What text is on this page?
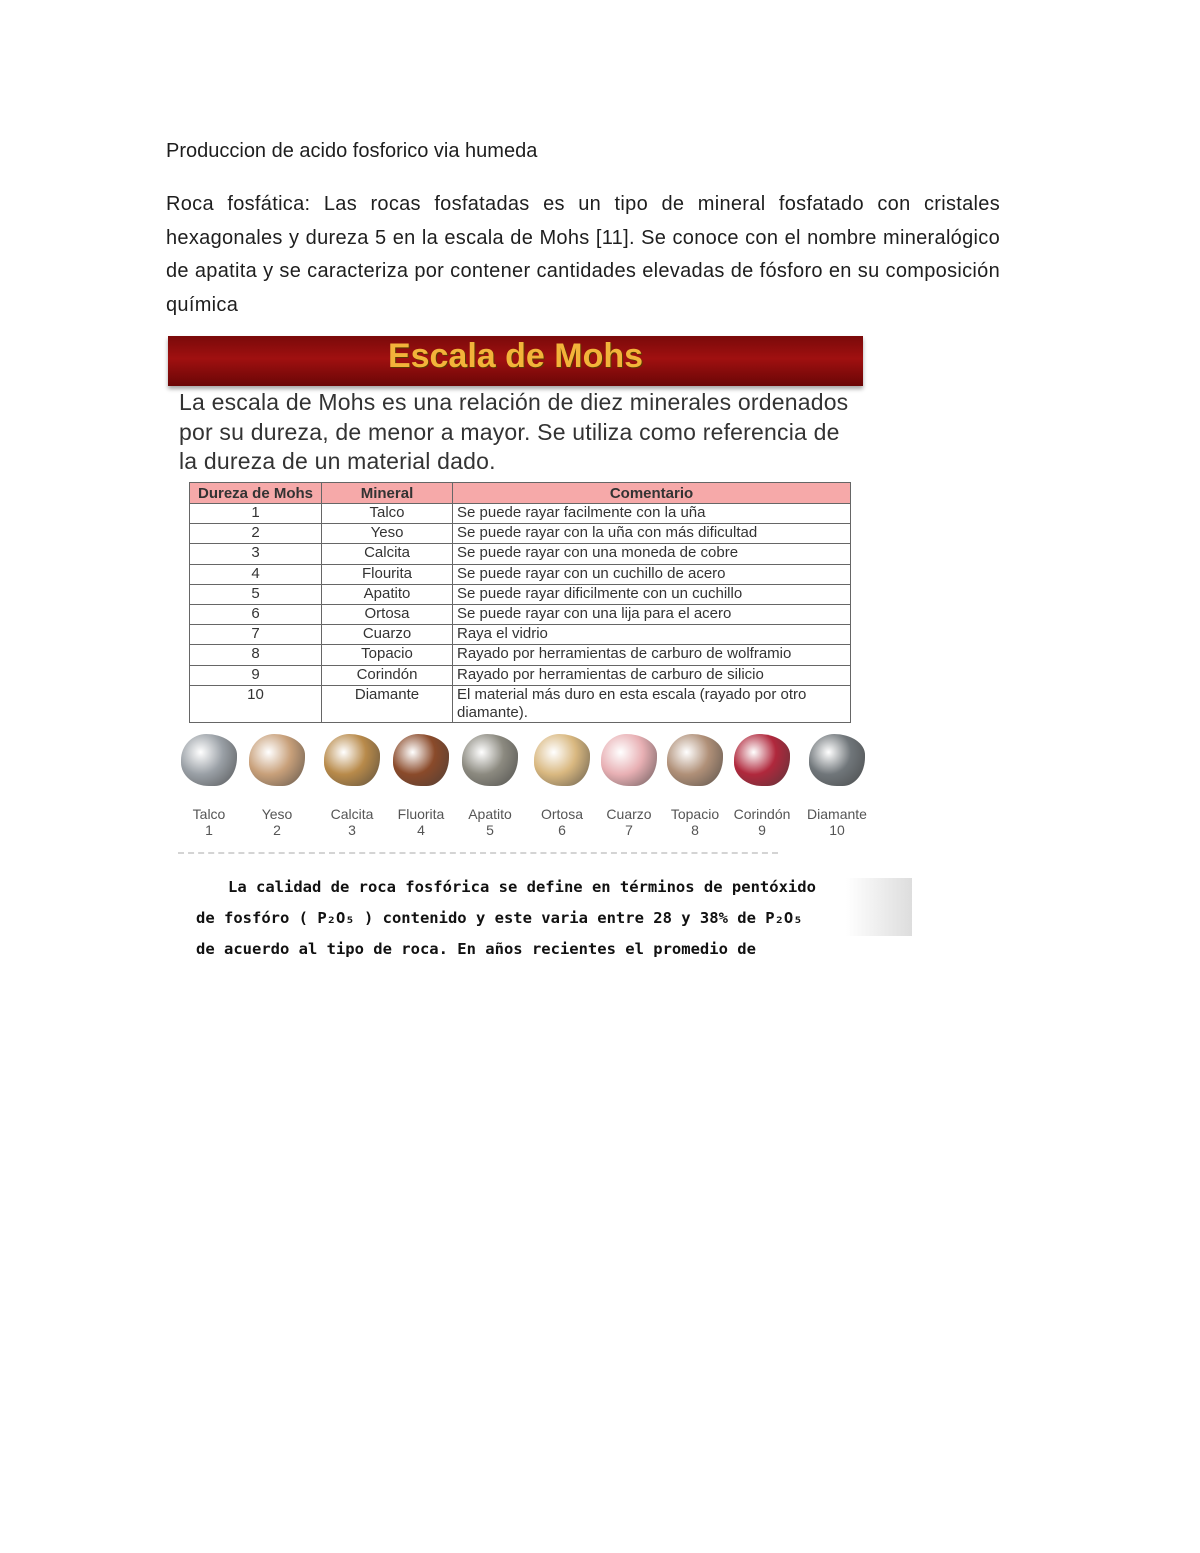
Produccion de acido fosforico via humeda
Roca fosfática: Las rocas fosfatadas es un tipo de mineral fosfatado con cristales hexagonales y dureza 5 en la escala de Mohs [11]. Se conoce con el nombre mineralógico de apatita y se caracteriza por contener cantidades elevadas de fósforo en su composición química
Escala de Mohs
La escala de Mohs es una relación de diez minerales ordenados por su dureza, de menor a mayor. Se utiliza como referencia de la dureza de un material dado.
Dureza de Mohs	Mineral	Comentario
1	Talco	Se puede rayar facilmente con la uña
2	Yeso	Se puede rayar con la uña con más dificultad
3	Calcita	Se puede rayar con una moneda de cobre
4	Flourita	Se puede rayar con un cuchillo de acero
5	Apatito	Se puede rayar dificilmente con un cuchillo
6	Ortosa	Se puede rayar con una lija para el acero
7	Cuarzo	Raya el vidrio
8	Topacio	Rayado por herramientas de carburo de wolframio
9	Corindón	Rayado por herramientas de carburo de silicio
10	Diamante	El material más duro en esta escala (rayado por otro diamante).
Talco
1
Yeso
2
Calcita
3
Fluorita
4
Apatito
5
Ortosa
6
Cuarzo
7
Topacio
8
Corindón
9
Diamante
10
La calidad de roca fosfórica se define en términos de pentóxido
de fosfóro ( P₂O₅ ) contenido y este varia entre 28 y 38% de P₂O₅
de acuerdo al tipo de roca. En años recientes el promedio de
